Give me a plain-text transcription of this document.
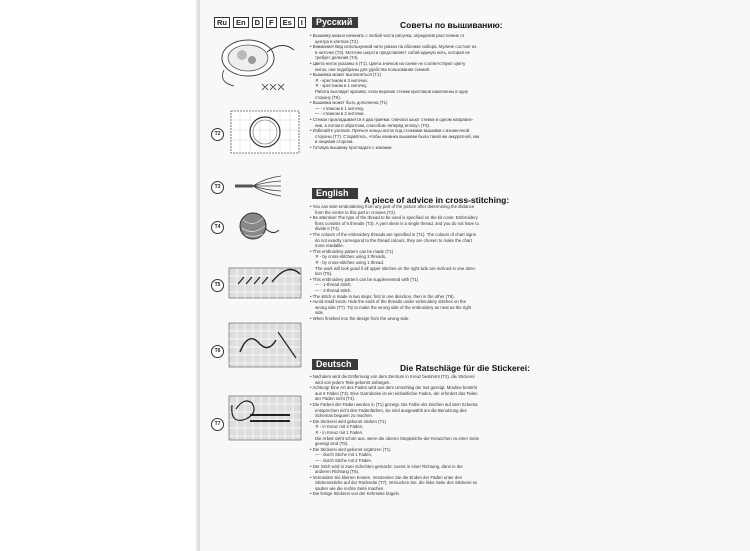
Ru	En	D	F	Es	I
T2
T3
T4
T5
T6
T7
Русский	Советы по вышиванию:

• Вышивку можно начинать с любой части рисунка, определив расстояние от

центра в клетках (T2).

• Внимание! Вид используемой нити указан на обложке набора. Мулине состоит из

6 ниточек (T3). Моточек шерсти представляет собой единую нить, которая не

требует деления (T4).

• Цвета ниток указаны в (T1). Цвета значков на схеме не соответствуют цвету

ниток, они подобраны для удобства пользования схемой.

• Вышивка может выполняться (T1)

✕ - крестиком в 3 ниточки,

✕ - крестиком в 1 ниточку.

Работа выглядит красиво, если верхние стежки крестиков наклонены в одну

сторону (T5).

• Вышивка может быть дополнена (T1)

— - стежком в 1 ниточку,

— - стежком в 2 ниточки.

• Стежок прокладывается в два приёма: сначала шьют стежки в одном направле-

нии, а потом в обратном, способом «вперёд иголку» (T6).

• Избегайте узелков. Прячьте концы ниток под стежками вышивки с изнаночной

стороны (T7). Старайтесь, чтобы изнанка вышивки была такой же аккуратной, как

и лицевая сторона.

• Готовую вышивку прогладьте с изнанки.

English
A piece of advice in cross-stitching:

• You can start embroidering from any part of the picture after determining the distance

from the centre to this part in crosses (T2).

• Be attentive! The type of the thread to be used is specified on the kit cover. Embroidery

floss consists of 6 threads (T3). A yarn skein is a single thread, and you do not have to

divide it (T4).

• The colours of the embroidery threads are specified in (T1). The colours of chart signs

do not exactly correspond to the thread colours, they are chosen to make the chart

more readable.

• This embroidery pattern can be made (T1)

✕ - by cross-stitches using 3 threads,

✕ - by cross-stitches using 1 thread.

The work will look good if all upper stitches on the right side are inclined in one direc-

tion (T5).

• This embroidery pattern can be supplemented with (T1)

— - 1-thread stitch,

— - 2-thread stitch.

• The stitch is made in two steps: first in one direction, then in the other (T6).

• Avoid small knots. Hide the ends of the threads under embroidery stitches on the

wrong side (T7). Try to make the wrong side of the embroidery as neat as the right

side.

• When finished iron the design from the wrong side.

Deutsch	Die Ratschläge für die Stickerei:

• Nachdem wird die Entfernung von dem Zentrum in Kreuz bestimmt (T2), die Stickerei

wird von jedem Teile gekonnt anfangen.

• Achtung! Eine Art des Faden wird aus dem Umschlag der Set gezeigt. Mouline besteht

aus 6 Fäden (T3). Eine Garndocke ist ein einheitlicher Faden, der erfordert das Teilen

der Fäden nicht (T4).

• Die Farben der Fäden werden in (T1) gezeigt. Die Farbe der Zeichen auf dem Schema

entsprechen nicht den Fadenfarben, sie sind ausgewählt um die Benutzung des

Schemas bequem zu machen.

• Die Stickerei wird gekonnt sticken (T1)

✕ - in Kreuz mit 3 Fäden,

✕ - in Kreuz mit 1 Faden.

Die Arbeit sieht schön aus, wenn die oberen Steppstiche der Kreuzchen zu einer Seite

geneigt sind (T5).

• Die Stickerei wird gekonnt ergänzen (T1)

— - durch Stiche mit 1 Faden,

— - durch Stiche mit 2 Fäden.

• Der Stich wird in zwei Schichten gemacht: zuerst in einer Richtung, dann in der

anderen Richtung (T6).

• Vermeiden Sie kleinen Knoten. Verstecken Sie die Enden der Fäden unter den

Stickereistiche auf der Rückseite (T7). Versuchen Sie, die linke Seite des Stickerei so

sauber wie die rechte Seite machen.

• Die fertige Stickerei von der Kehrseite bügeln.
